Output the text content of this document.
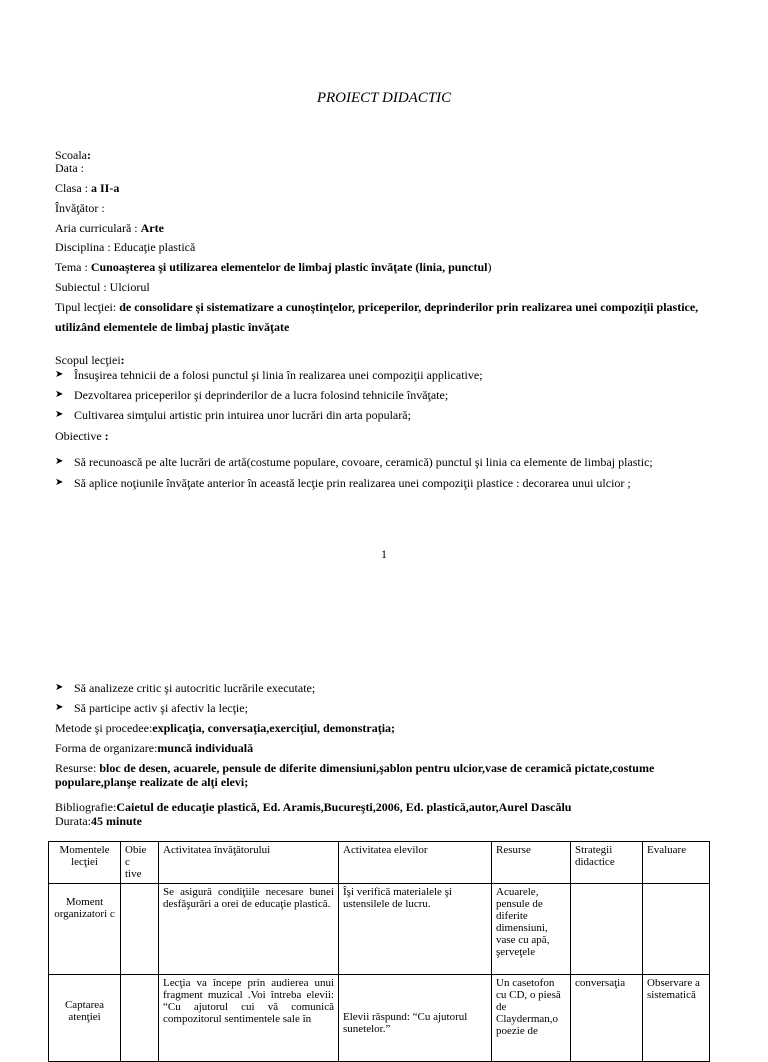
PROIECT DIDACTIC
Scoala:
Data :
Clasa : a II-a
Învăţător :
Aria curriculară : Arte
Disciplina : Educaţie plastică
Tema : Cunoaşterea şi utilizarea elementelor de limbaj plastic învăţate (linia, punctul)
Subiectul : Ulciorul
Tipul lecţiei: de consolidare şi sistematizare a cunoştinţelor, priceperilor, deprinderilor prin realizarea unei compoziţii plastice,
utilizând elementele de limbaj plastic învăţate
Scopul lecţiei:
➤ Însuşirea tehnicii de a folosi punctul şi linia în realizarea unei compoziţii applicative;
➤ Dezvoltarea priceperilor şi deprinderilor de a lucra folosind tehnicile învăţate;
➤ Cultivarea simţului artistic prin intuirea unor lucrări din arta populară;
Obiective :
➤ Să recunoască pe alte lucrări de artă(costume populare, covoare, ceramică) punctul şi linia ca elemente de limbaj plastic;
➤ Să aplice noţiunile învăţate anterior în această lecţie prin realizarea unei compoziţii plastice : decorarea unui ulcior ;
1
➤ Să analizeze critic şi autocritic lucrările executate;
➤ Să participe activ şi afectiv la lecţie;
Metode şi procedee:explicaţia, conversaţia,exerciţiul, demonstraţia;
Forma de organizare:muncă individuală
Resurse: bloc de desen, acuarele, pensule de diferite dimensiuni,şablon pentru ulcior,vase de ceramică pictate,costume
populare,planşe realizate de alţi elevi;
Bibliografie:Caietul de educaţie plastică, Ed. Aramis,Bucureşti,2006, Ed. plastică,autor,Aurel Dascălu
Durata:45 minute
Momentele lecţiei	Obie
c
tive	Activitatea învăţătorului	Activitatea elevilor	Resurse	Strategii didactice	Evaluare
Moment organizatori c		Se asigură condiţiile necesare bunei desfăşurări a orei de educaţie plastică.	Îşi verifică materialele şi ustensilele de lucru.	Acuarele, pensule de diferite dimensiuni, vase cu apă, şerveţele		
Captarea atenţiei		Lecţia va începe prin audierea unui fragment muzical .Voi întreba elevii: “Cu ajutorul cui vă comunică compozitorul sentimentele sale în	Elevii răspund: “Cu ajutorul sunetelor.”	Un casetofon cu CD, o piesă de Clayderman,o poezie de	conversaţia	Observare a sistematică
